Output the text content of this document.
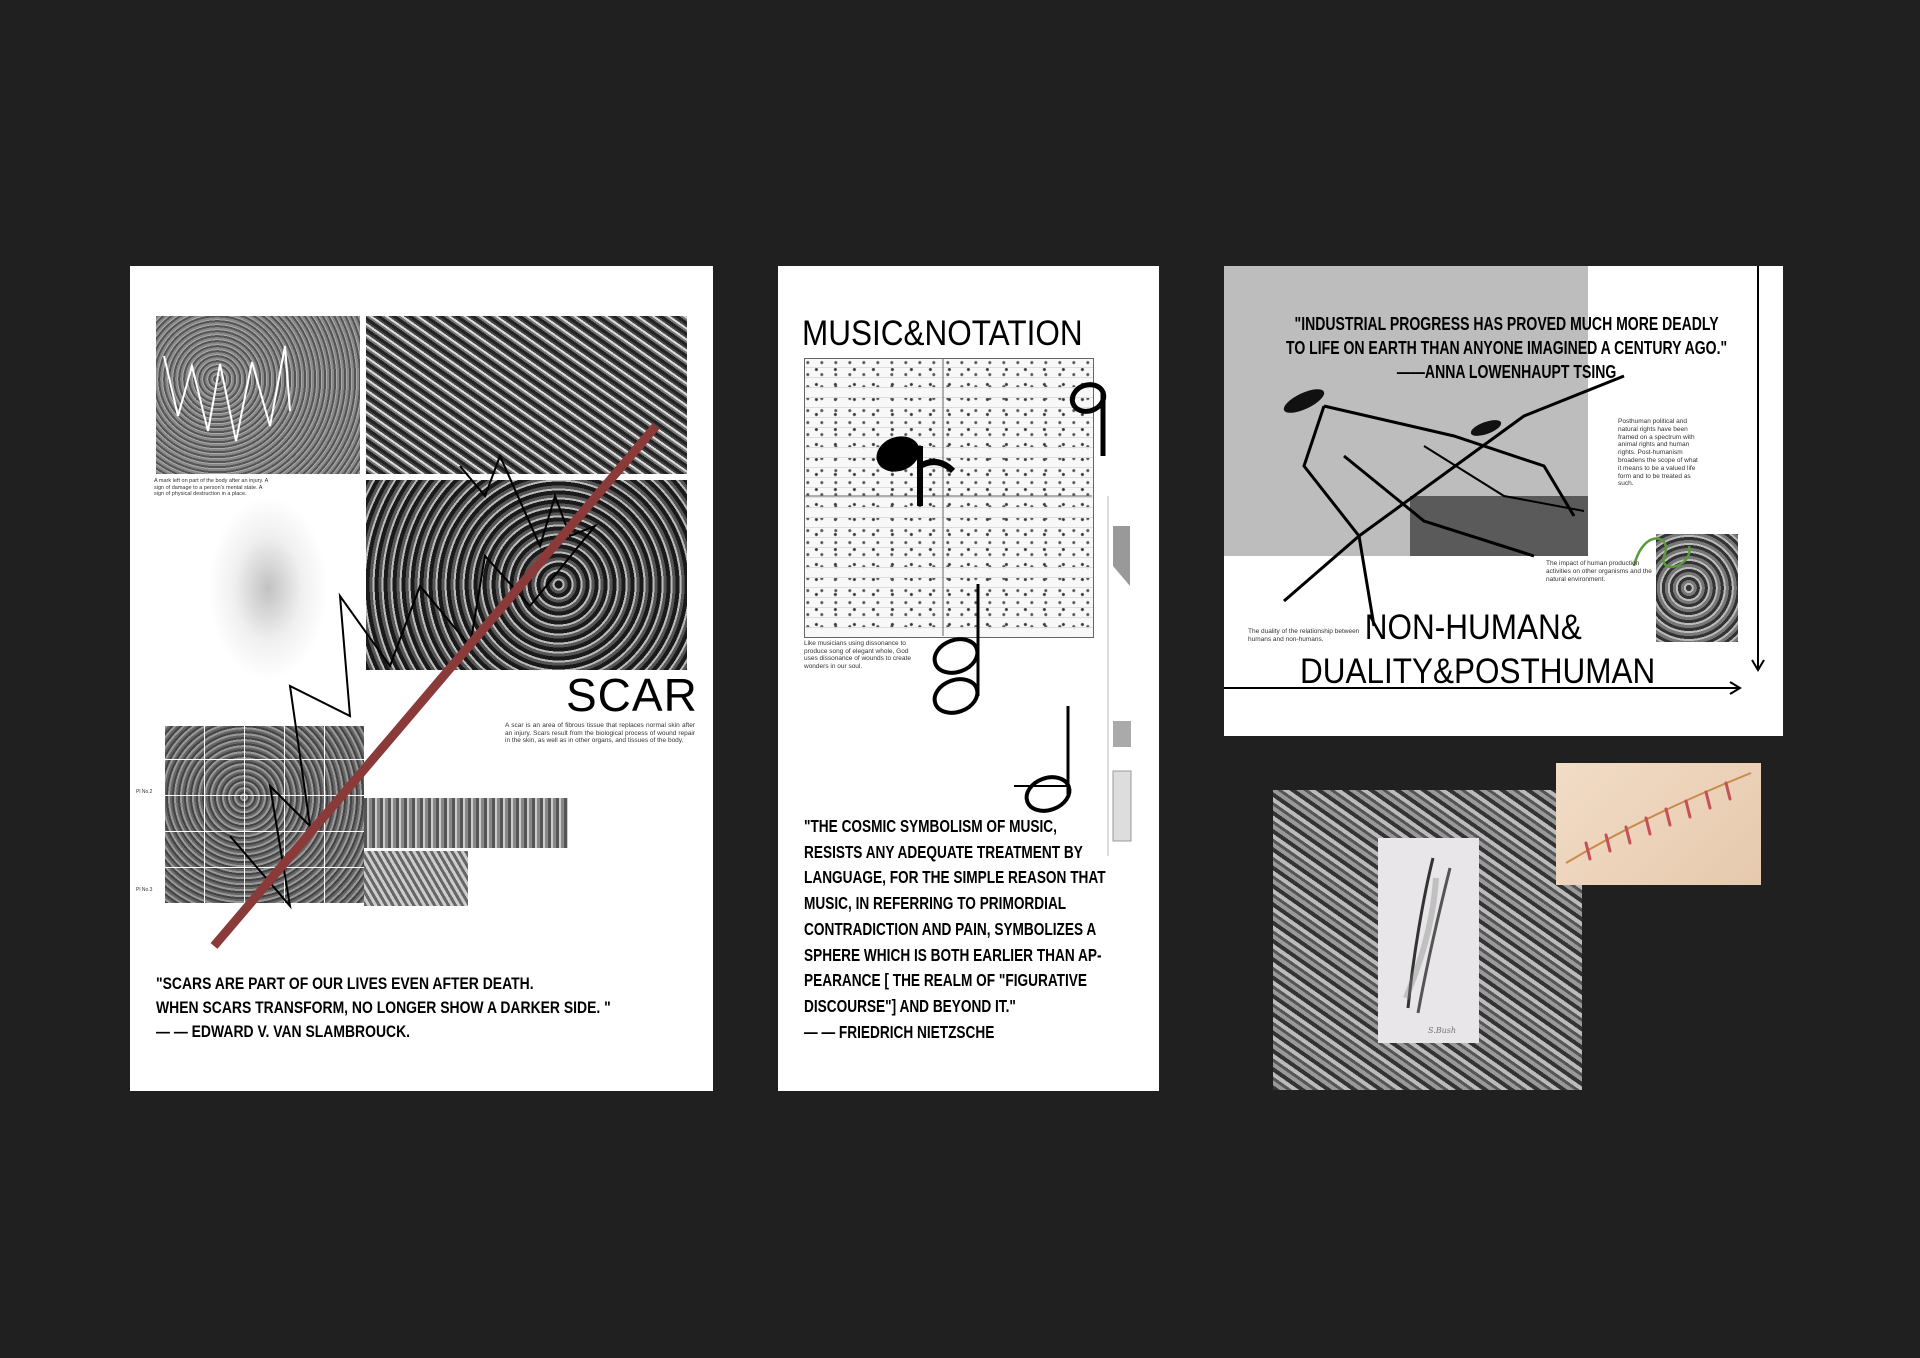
Pl No.2
Pl No.3
A mark left on part of the body after an injury. A sign of damage to a person's mental state. A sign of physical destruction in a place.
SCAR
A scar is an area of fibrous tissue that replaces normal skin after an injury. Scars result from the biological process of wound repair in the skin, as well as in other organs, and tissues of the body.
"SCARS ARE PART OF OUR LIVES EVEN AFTER DEATH.
WHEN SCARS TRANSFORM, NO LONGER SHOW A DARKER SIDE. "
— — EDWARD V. VAN SLAMBROUCK.
MUSIC&NOTATION
Like musicians using dissonance to produce song of elegant whole, God uses dissonance of wounds to create wonders in our soul.
"THE COSMIC SYMBOLISM OF MUSIC,
RESISTS ANY ADEQUATE TREATMENT BY
LANGUAGE, FOR THE SIMPLE REASON THAT
MUSIC, IN REFERRING TO PRIMORDIAL
CONTRADICTION AND PAIN, SYMBOLIZES A
SPHERE WHICH IS BOTH EARLIER THAN AP-
PEARANCE [ THE REALM OF "FIGURATIVE
DISCOURSE"] AND BEYOND IT."
— — FRIEDRICH NIETZSCHE
"INDUSTRIAL PROGRESS HAS PROVED MUCH MORE DEADLY
TO LIFE ON EARTH THAN ANYONE IMAGINED A CENTURY AGO."
——ANNA LOWENHAUPT TSING
Posthuman political and natural rights have been framed on a spectrum with animal rights and human rights. Post-humanism broadens the scope of what it means to be a valued life form and to be treated as such.
The impact of human production activities on other organisms and the natural environment.
The duality of the relationship between humans and non-humans.	NON-HUMAN&
DUALITY&POSTHUMAN
S.Bush
